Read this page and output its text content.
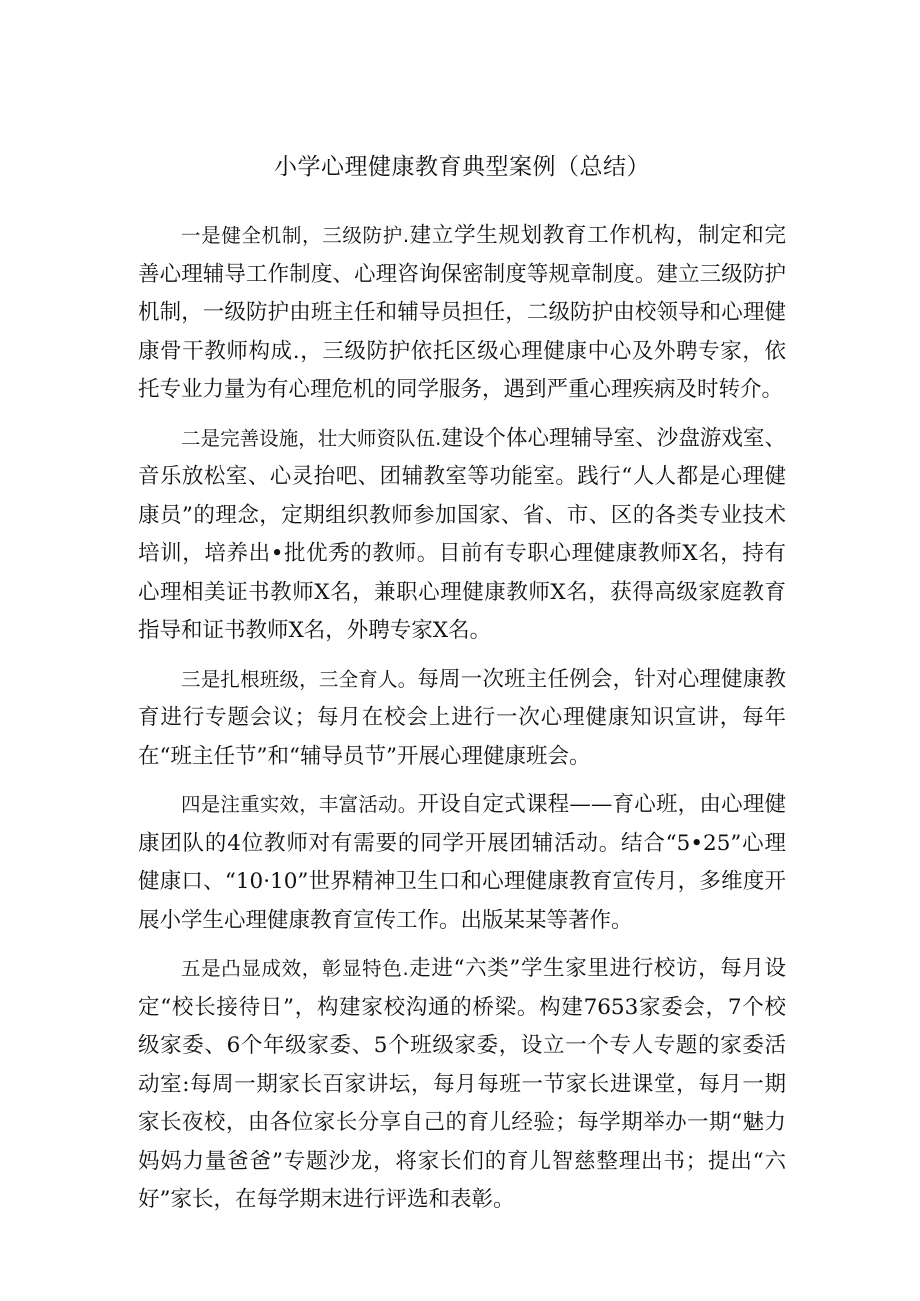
小学心理健康教育典型案例（总结）

一是健全机制，三级防护.建立学生规划教育工作机构，制定和完善心理辅导工作制度、心理咨询保密制度等规章制度。建立三级防护机制，一级防护由班主任和辅导员担任，二级防护由校领导和心理健康骨干教师构成.，三级防护依托区级心理健康中心及外聘专家，依托专业力量为有心理危机的同学服务，遇到严重心理疾病及时转介。

二是完善设施，壮大师资队伍.建设个体心理辅导室、沙盘游戏室、音乐放松室、心灵抬吧、团辅教室等功能室。践行“人人都是心理健康员”的理念，定期组织教师参加国家、省、市、区的各类专业技术培训，培养出•批优秀的教师。目前有专职心理健康教师X名，持有心理相美证书教师X名，兼职心理健康教师X名，获得高级家庭教育指导和证书教师X名，外聘专家X名。

三是扎根班级，三全育人。每周一次班主任例会，针对心理健康教育进行专题会议；每月在校会上进行一次心理健康知识宣讲，每年在“班主任节”和“辅导员节”开展心理健康班会。

四是注重实效，丰富活动。开设自定式课程——育心班，由心理健康团队的4位教师对有需要的同学开展团辅活动。结合“5•25”心理健康口、“10·10”世界精神卫生口和心理健康教育宣传月，多维度开展小学生心理健康教育宣传工作。出版某某等著作。

五是凸显成效，彰显特色.走进“六类”学生家里进行校访，每月设定“校长接待日”，构建家校沟通的桥梁。构建7653家委会，7个校级家委、6个年级家委、5个班级家委，设立一个专人专题的家委活动室:每周一期家长百家讲坛，每月每班一节家长进课堂，每月一期家长夜校，由各位家长分享自己的育儿经验；每学期举办一期“魅力妈妈力量爸爸”专题沙龙，将家长们的育儿智慈整理出书；提出“六好”家长，在每学期末进行评选和表彰。
